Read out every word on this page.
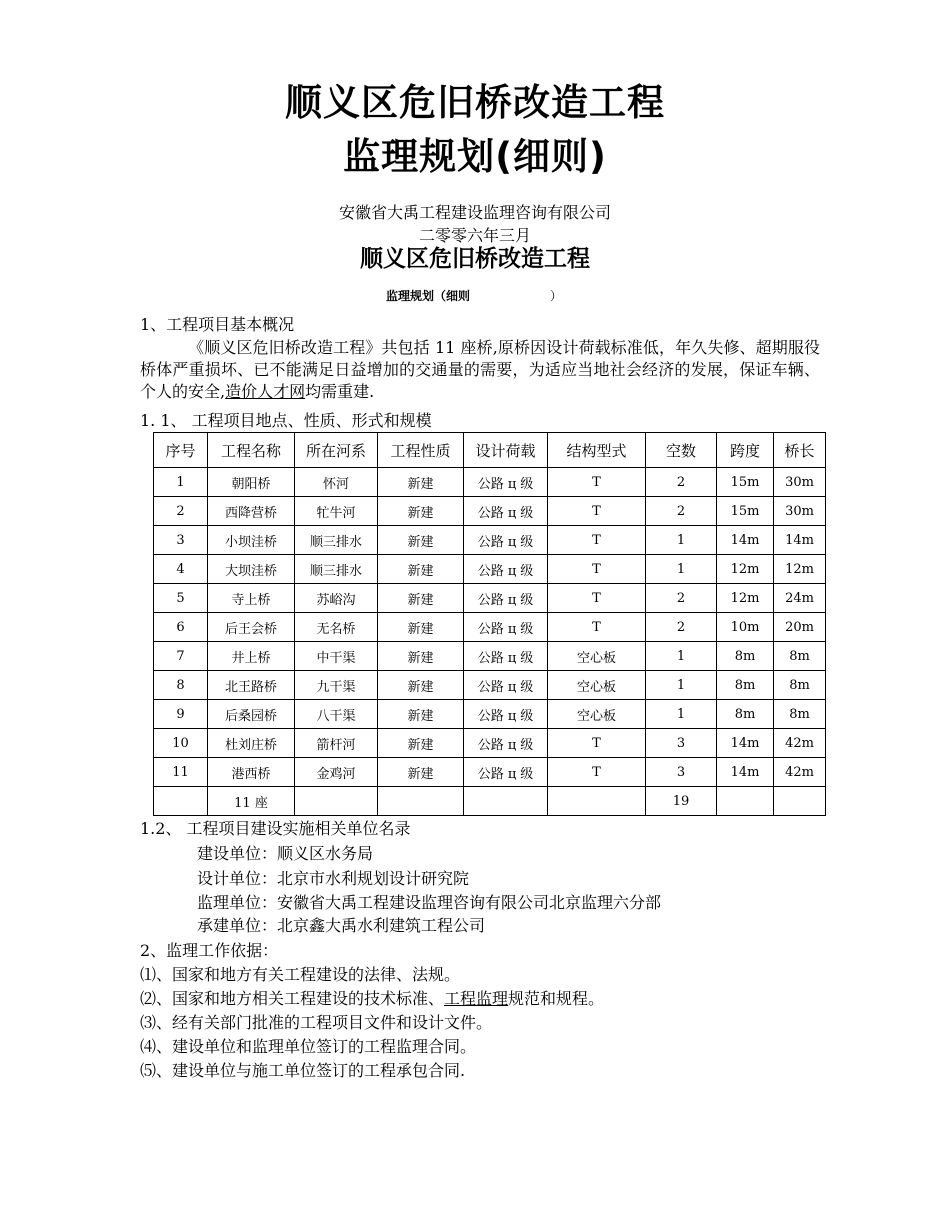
顺义区危旧桥改造工程
监理规划(细则)
安徽省大禹工程建设监理咨询有限公司
二零零六年三月
顺义区危旧桥改造工程
监理规划（细则	）
1、工程项目基本概况
《顺义区危旧桥改造工程》共包括 11 座桥,原桥因设计荷载标准低，年久失修、超期服役桥体严重损坏、已不能满足日益增加的交通量的需要，为适应当地社会经济的发展，保证车辆、个人的安全,造价人才网均需重建.
1. 1、 工程项目地点、性质、形式和规模
序号	工程名称	所在河系	工程性质	设计荷载	结构型式	空数	跨度	桥长
1	朝阳桥	怀河	新建	公路 ц 级	T	2	15m	30m
2	西降营桥	牤牛河	新建	公路 ц 级	T	2	15m	30m
3	小坝洼桥	顺三排水	新建	公路 ц 级	T	1	14m	14m
4	大坝洼桥	顺三排水	新建	公路 ц 级	T	1	12m	12m
5	寺上桥	苏峪沟	新建	公路 ц 级	T	2	12m	24m
6	后王会桥	无名桥	新建	公路 ц 级	T	2	10m	20m
7	井上桥	中干渠	新建	公路 ц 级	空心板	1	8m	8m
8	北王路桥	九干渠	新建	公路 ц 级	空心板	1	8m	8m
9	后桑园桥	八干渠	新建	公路 ц 级	空心板	1	8m	8m
10	杜刘庄桥	箭杆河	新建	公路 ц 级	T	3	14m	42m
11	港西桥	金鸡河	新建	公路 ц 级	T	3	14m	42m
	11 座					19		
1.2、 工程项目建设实施相关单位名录
建设单位：顺义区水务局
设计单位：北京市水利规划设计研究院
监理单位：安徽省大禹工程建设监理咨询有限公司北京监理六分部
承建单位：北京鑫大禹水利建筑工程公司
2、监理工作依据：
⑴、国家和地方有关工程建设的法律、法规。
⑵、国家和地方相关工程建设的技术标准、工程监理规范和规程。
⑶、经有关部门批准的工程项目文件和设计文件。
⑷、建设单位和监理单位签订的工程监理合同。
⑸、建设单位与施工单位签订的工程承包合同.
